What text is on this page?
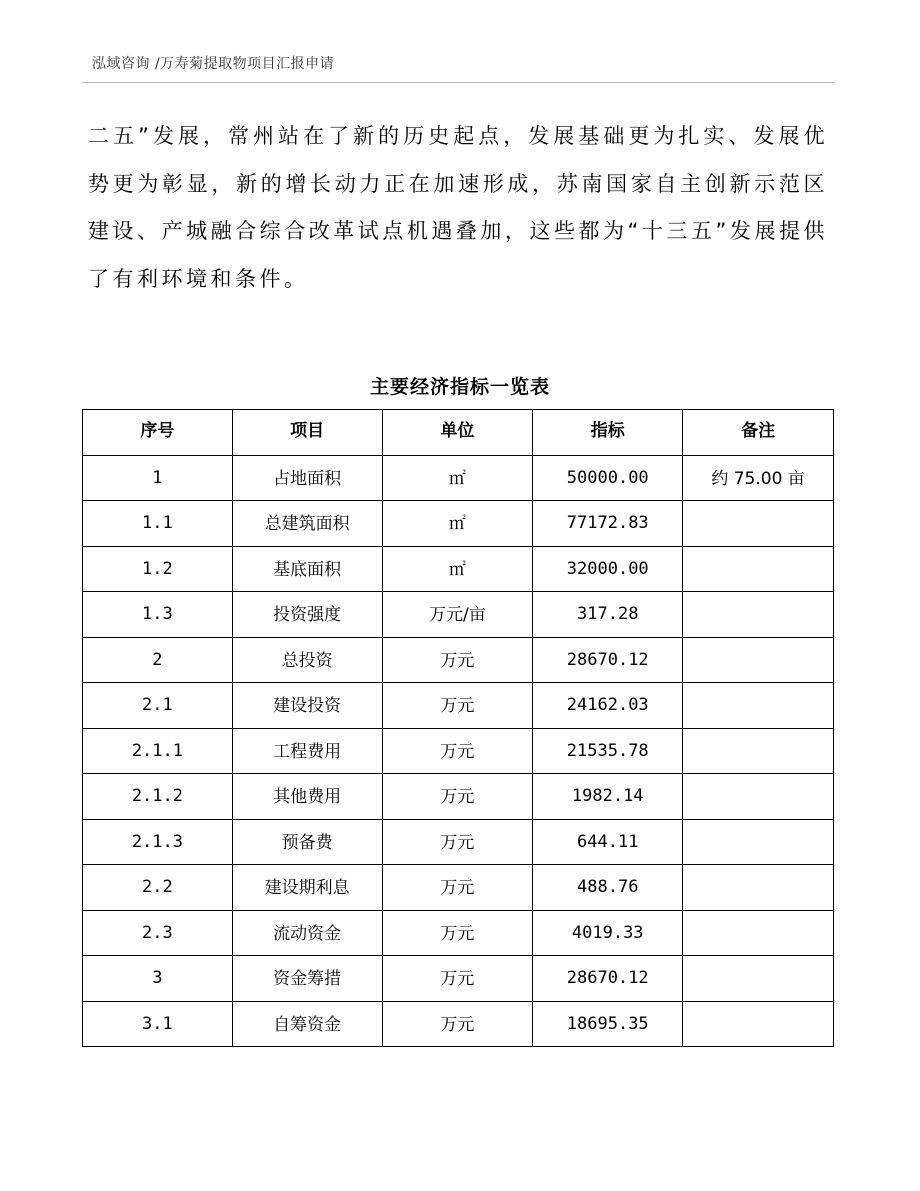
泓域咨询 /万寿菊提取物项目汇报申请
二五”发展，常州站在了新的历史起点，发展基础更为扎实、发展优势更为彰显，新的增长动力正在加速形成，苏南国家自主创新示范区建设、产城融合综合改革试点机遇叠加，这些都为“十三五”发展提供了有利环境和条件。
主要经济指标一览表
序号	项目	单位	指标	备注
1	占地面积	㎡	50000.00	约 75.00 亩
1.1	总建筑面积	㎡	77172.83	
1.2	基底面积	㎡	32000.00	
1.3	投资强度	万元/亩	317.28	
2	总投资	万元	28670.12	
2.1	建设投资	万元	24162.03	
2.1.1	工程费用	万元	21535.78	
2.1.2	其他费用	万元	1982.14	
2.1.3	预备费	万元	644.11	
2.2	建设期利息	万元	488.76	
2.3	流动资金	万元	4019.33	
3	资金筹措	万元	28670.12	
3.1	自筹资金	万元	18695.35	
